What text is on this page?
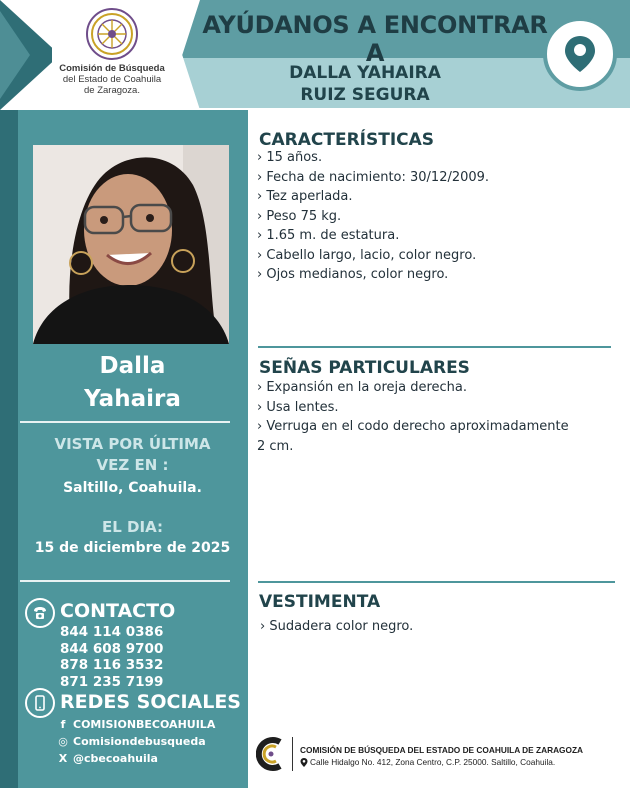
Comisión de Búsqueda
del Estado de Coahuila
de Zaragoza.
AYÚDANOS A ENCONTRAR A
DALLA YAHAIRA
RUIZ SEGURA
Dalla
Yahaira
VISTA POR ÚLTIMA
VEZ EN :
Saltillo, Coahuila.
EL DIA:
15 de diciembre de 2025
CONTACTO
844 114 0386
844 608 9700
878 116 3532
871 235 7199
REDES SOCIALES
f COMISIONBECOAHUILA
◎ Comisiondebusqueda
X @cbecoahuila
CARACTERÍSTICAS
› 15 años.
› Fecha de nacimiento: 30/12/2009.
› Tez aperlada.
› Peso 75 kg.
› 1.65 m. de estatura.
› Cabello largo, lacio, color negro.
› Ojos medianos, color negro.
SEÑAS PARTICULARES
› Expansión en la oreja derecha.
› Usa lentes.
› Verruga en el codo derecho aproximadamente
2 cm.
VESTIMENTA
› Sudadera color negro.
COMISIÓN DE BÚSQUEDA DEL ESTADO DE COAHUILA DE ZARAGOZA
Calle Hidalgo No. 412, Zona Centro, C.P. 25000. Saltillo, Coahuila.
